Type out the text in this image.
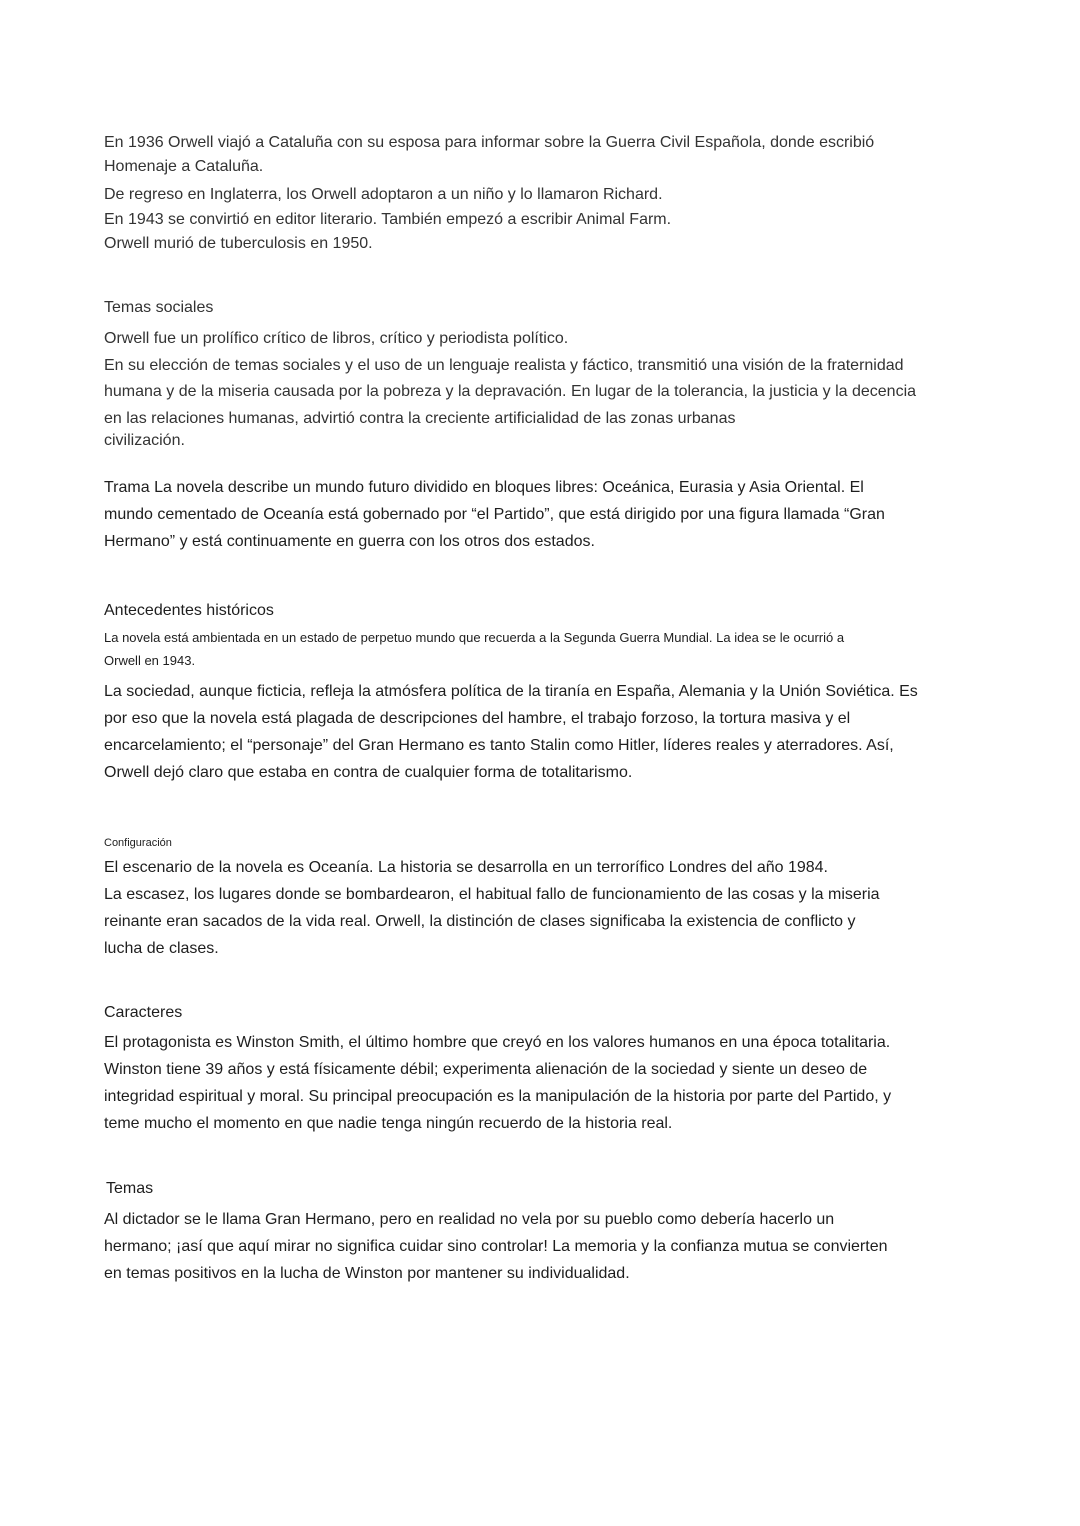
En 1936 Orwell viajó a Cataluña con su esposa para informar sobre la Guerra Civil Española, donde escribió
Homenaje a Cataluña.
De regreso en Inglaterra, los Orwell adoptaron a un niño y lo llamaron Richard.
En 1943 se convirtió en editor literario. También empezó a escribir Animal Farm.
Orwell murió de tuberculosis en 1950.
Temas sociales
Orwell fue un prolífico crítico de libros, crítico y periodista político.
En su elección de temas sociales y el uso de un lenguaje realista y fáctico, transmitió una visión de la fraternidad
humana y de la miseria causada por la pobreza y la depravación. En lugar de la tolerancia, la justicia y la decencia
en las relaciones humanas, advirtió contra la creciente artificialidad de las zonas urbanas
civilización.
Trama La novela describe un mundo futuro dividido en bloques libres: Oceánica, Eurasia y Asia Oriental. El
mundo cementado de Oceanía está gobernado por “el Partido”, que está dirigido por una figura llamada “Gran
Hermano” y está continuamente en guerra con los otros dos estados.
Antecedentes históricos
La novela está ambientada en un estado de perpetuo mundo que recuerda a la Segunda Guerra Mundial. La idea se le ocurrió a
Orwell en 1943.
La sociedad, aunque ficticia, refleja la atmósfera política de la tiranía en España, Alemania y la Unión Soviética. Es
por eso que la novela está plagada de descripciones del hambre, el trabajo forzoso, la tortura masiva y el
encarcelamiento; el “personaje” del Gran Hermano es tanto Stalin como Hitler, líderes reales y aterradores. Así,
Orwell dejó claro que estaba en contra de cualquier forma de totalitarismo.
Configuración
El escenario de la novela es Oceanía. La historia se desarrolla en un terrorífico Londres del año 1984.
La escasez, los lugares donde se bombardearon, el habitual fallo de funcionamiento de las cosas y la miseria
reinante eran sacados de la vida real. Orwell, la distinción de clases significaba la existencia de conflicto y
lucha de clases.
Caracteres
El protagonista es Winston Smith, el último hombre que creyó en los valores humanos en una época totalitaria.
Winston tiene 39 años y está físicamente débil; experimenta alienación de la sociedad y siente un deseo de
integridad espiritual y moral. Su principal preocupación es la manipulación de la historia por parte del Partido, y
teme mucho el momento en que nadie tenga ningún recuerdo de la historia real.
Temas
Al dictador se le llama Gran Hermano, pero en realidad no vela por su pueblo como debería hacerlo un
hermano; ¡así que aquí mirar no significa cuidar sino controlar! La memoria y la confianza mutua se convierten
en temas positivos en la lucha de Winston por mantener su individualidad.
